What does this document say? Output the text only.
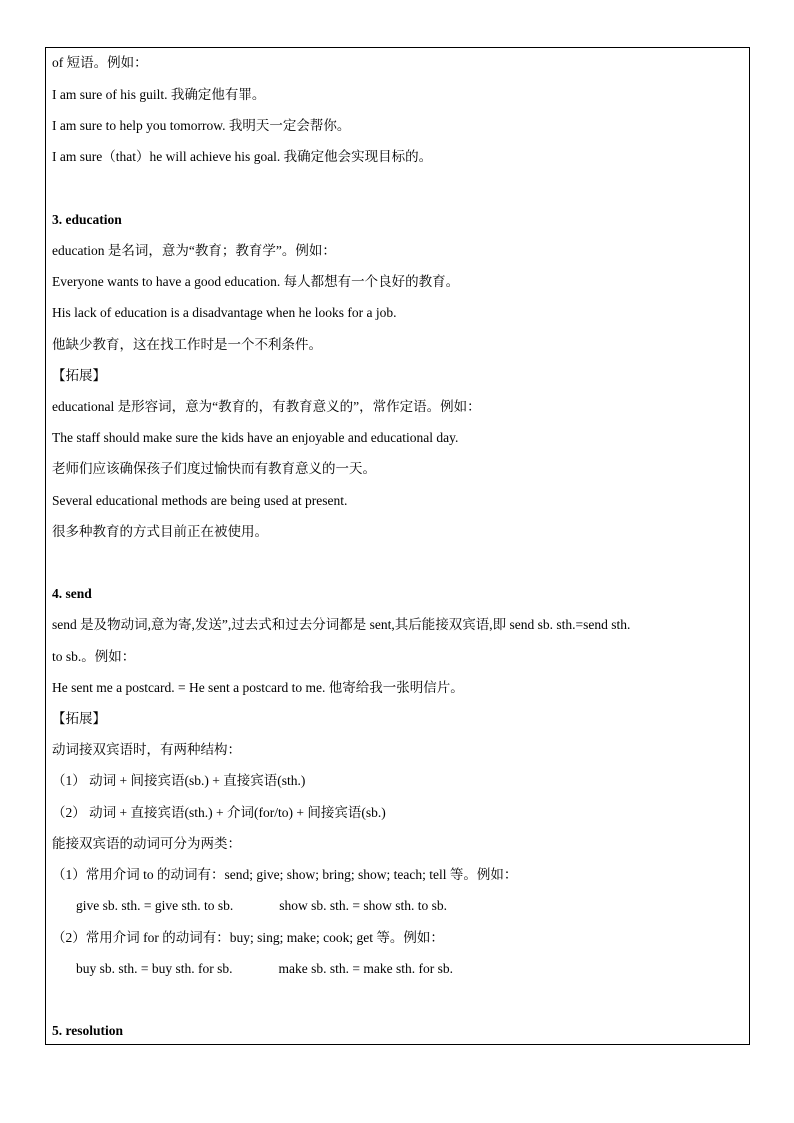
of 短语。例如：
I am sure of his guilt. 我确定他有罪。
I am sure to help you tomorrow. 我明天一定会帮你。
I am sure（that）he will achieve his goal. 我确定他会实现目标的。
3. education
education 是名词，意为“教育；教育学”。例如：
Everyone wants to have a good education. 每人都想有一个良好的教育。
His lack of education is a disadvantage when he looks for a job.
他缺少教育，这在找工作时是一个不利条件。
【拓展】
educational 是形容词，意为“教育的，有教育意义的”，常作定语。例如：
The staff should make sure the kids have an enjoyable and educational day.
老师们应该确保孩子们度过愉快而有教育意义的一天。
Several educational methods are being used at present.
很多种教育的方式目前正在被使用。
4. send
send 是及物动词,意为寄,发送”,过去式和过去分词都是 sent,其后能接双宾语,即 send sb. sth.=send sth.
to sb.。例如：
He sent me a postcard. = He sent a postcard to me. 他寄给我一张明信片。
【拓展】
动词接双宾语时，有两种结构：
（1） 动词 + 间接宾语(sb.) + 直接宾语(sth.)
（2） 动词 + 直接宾语(sth.) + 介词(for/to) + 间接宾语(sb.)
能接双宾语的动词可分为两类：
（1）常用介词 to 的动词有：send; give; show; bring; show; teach; tell 等。例如：
give sb. sth. = give sth. to sb.	show sb. sth. = show sth. to sb.
（2）常用介词 for 的动词有：buy; sing; make; cook; get 等。例如：
buy sb. sth. = buy sth. for sb.	make sb. sth. = make sth. for sb.
5. resolution
